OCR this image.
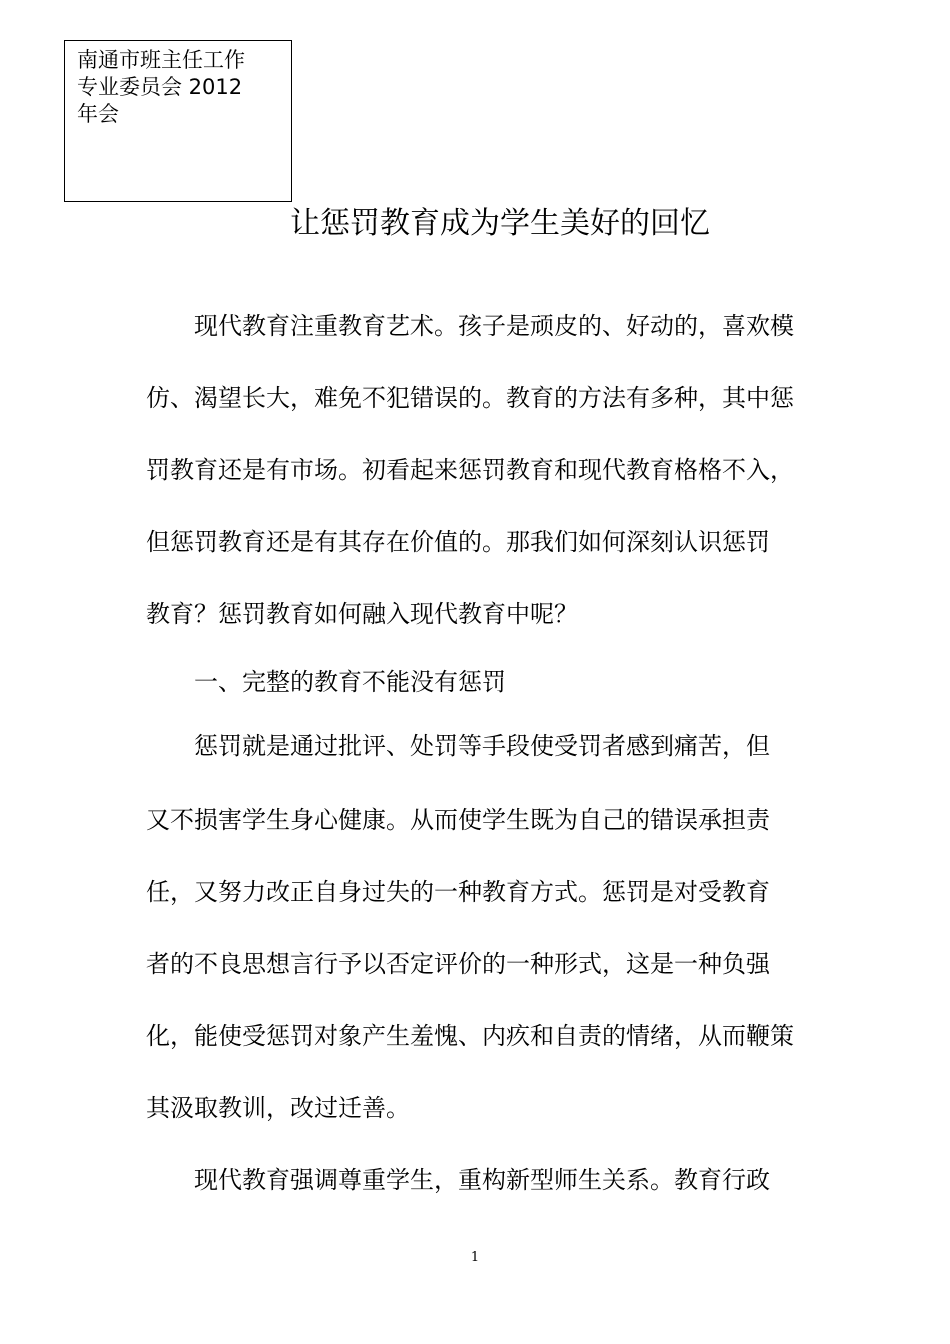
南通市班主任工作
专业委员会 2012
年会
让惩罚教育成为学生美好的回忆
　　现代教育注重教育艺术。孩子是顽皮的、好动的，喜欢模
仿、渴望长大，难免不犯错误的。教育的方法有多种，其中惩
罚教育还是有市场。初看起来惩罚教育和现代教育格格不入，
但惩罚教育还是有其存在价值的。那我们如何深刻认识惩罚
教育？惩罚教育如何融入现代教育中呢？
　　一、完整的教育不能没有惩罚
　　惩罚就是通过批评、处罚等手段使受罚者感到痛苦，但
又不损害学生身心健康。从而使学生既为自己的错误承担责
任，又努力改正自身过失的一种教育方式。惩罚是对受教育
者的不良思想言行予以否定评价的一种形式，这是一种负强
化，能使受惩罚对象产生羞愧、内疚和自责的情绪，从而鞭策
其汲取教训，改过迁善。
　　现代教育强调尊重学生，重构新型师生关系。教育行政
1
